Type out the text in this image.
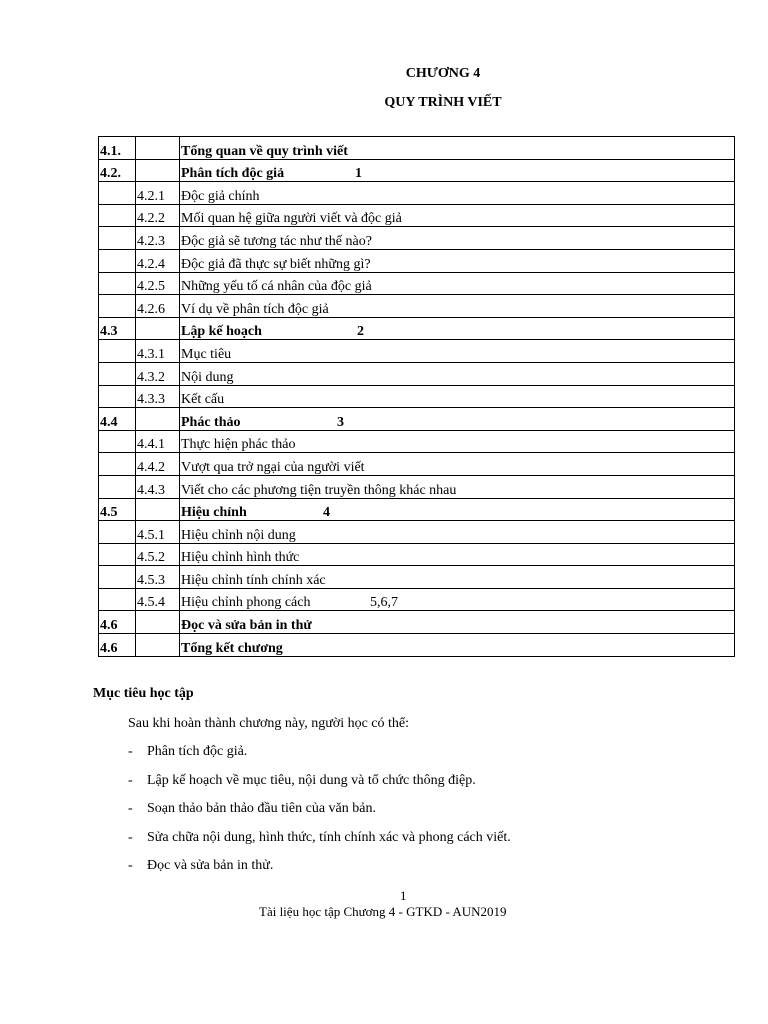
CHƯƠNG 4
QUY TRÌNH VIẾT
4.1.		Tổng quan về quy trình viết
4.2.		Phân tích độc giả 1
	4.2.1	Độc giả chính
	4.2.2	Mối quan hệ giữa người viết và độc giả
	4.2.3	Độc giả sẽ tương tác như thế nào?
	4.2.4	Độc giả đã thực sự biết những gì?
	4.2.5	Những yếu tố cá nhân của độc giả
	4.2.6	Ví dụ về phân tích độc giả
4.3		Lập kế hoạch 2
	4.3.1	Mục tiêu
	4.3.2	Nội dung
	4.3.3	Kết cấu
4.4		Phác thảo 3
	4.4.1	Thực hiện phác thảo
	4.4.2	Vượt qua trở ngại của người viết
	4.4.3	Viết cho các phương tiện truyền thông khác nhau
4.5		Hiệu chỉnh 4
	4.5.1	Hiệu chỉnh nội dung
	4.5.2	Hiệu chỉnh hình thức
	4.5.3	Hiệu chỉnh tính chính xác
	4.5.4	Hiệu chỉnh phong cách 5,6,7
4.6		Đọc và sửa bản in thử
4.6		Tổng kết chương

Mục tiêu học tập

Sau khi hoàn thành chương này, người học có thể:
- Phân tích độc giả.
- Lập kế hoạch về mục tiêu, nội dung và tổ chức thông điệp.
- Soạn thảo bản thảo đầu tiên của văn bản.
- Sửa chữa nội dung, hình thức, tính chính xác và phong cách viết.
- Đọc và sửa bản in thử.
1
Tài liệu học tập Chương 4 - GTKD - AUN2019
